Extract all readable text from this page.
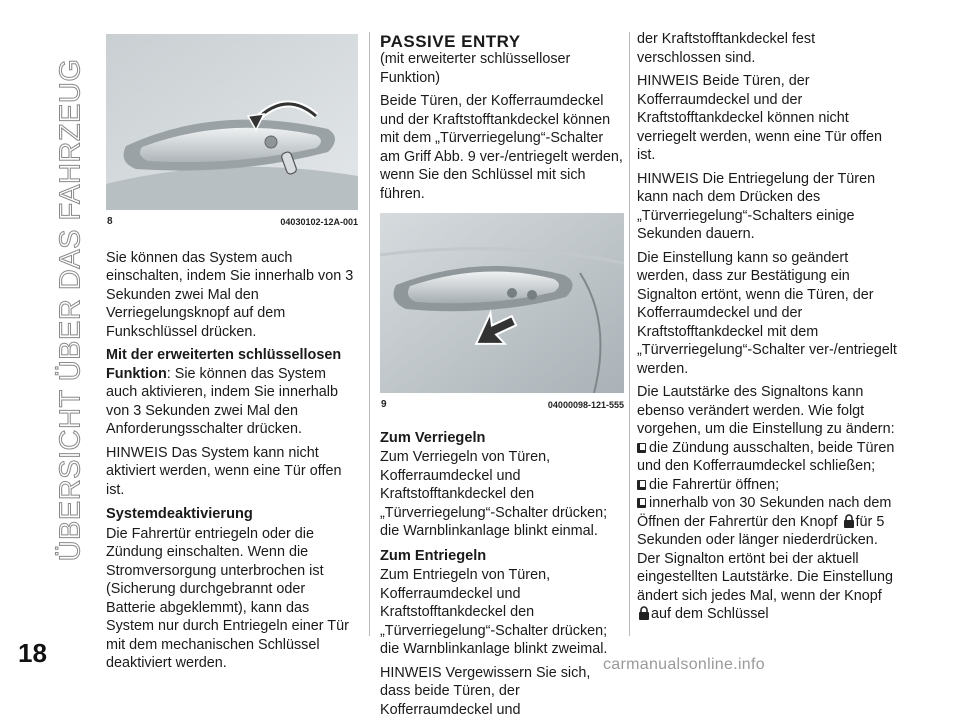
ÜBERSICHT ÜBER DAS FAHRZEUG
18	carmanualsonline.info
8	04030102-12A-001

Sie können das System auch einschalten, indem Sie innerhalb von 3 Sekunden zwei Mal den Verriegelungsknopf auf dem Funkschlüssel drücken.

Mit der erweiterten schlüssellosen Funktion: Sie können das System auch aktivieren, indem Sie innerhalb von 3 Sekunden zwei Mal den Anforderungsschalter drücken.

HINWEIS Das System kann nicht aktiviert werden, wenn eine Tür offen ist.

Systemdeaktivierung

Die Fahrertür entriegeln oder die Zündung einschalten. Wenn die Stromversorgung unterbrochen ist (Sicherung durchgebrannt oder Batterie abgeklemmt), kann das System nur durch Entriegeln einer Tür mit dem mechanischen Schlüssel deaktiviert werden.

PASSIVE ENTRY

(mit erweiterter schlüsselloser Funktion)

Beide Türen, der Kofferraumdeckel und der Kraftstofftankdeckel können mit dem „Türverriegelung“-Schalter am Griff Abb. 9 ver-/entriegelt werden, wenn Sie den Schlüssel mit sich führen.

9	04000098-121-555
Zum Verriegeln

Zum Verriegeln von Türen, Kofferraumdeckel und Kraftstofftankdeckel den „Türverriegelung“-Schalter drücken; die Warnblinkanlage blinkt einmal.

Zum Entriegeln

Zum Entriegeln von Türen, Kofferraumdeckel und Kraftstofftankdeckel den „Türverriegelung“-Schalter drücken; die Warnblinkanlage blinkt zweimal.

HINWEIS Vergewissern Sie sich, dass beide Türen, der Kofferraumdeckel und

der Kraftstofftankdeckel fest verschlossen sind.

HINWEIS Beide Türen, der Kofferraumdeckel und der Kraftstofftankdeckel können nicht verriegelt werden, wenn eine Tür offen ist.

HINWEIS Die Entriegelung der Türen kann nach dem Drücken des „Türverriegelung“-Schalters einige Sekunden dauern.

Die Einstellung kann so geändert werden, dass zur Bestätigung ein Signalton ertönt, wenn die Türen, der Kofferraumdeckel und der Kraftstofftankdeckel mit dem „Türverriegelung“-Schalter ver-/entriegelt werden.

Die Lautstärke des Signaltons kann ebenso verändert werden. Wie folgt vorgehen, um die Einstellung zu ändern:

die Zündung ausschalten, beide Türen und den Kofferraumdeckel schließen;
die Fahrertür öffnen;
innerhalb von 30 Sekunden nach dem Öffnen der Fahrertür den Knopf für 5 Sekunden oder länger niederdrücken. Der Signalton ertönt bei der aktuell eingestellten Lautstärke. Die Einstellung ändert sich jedes Mal, wenn der Knopf auf dem Schlüssel
